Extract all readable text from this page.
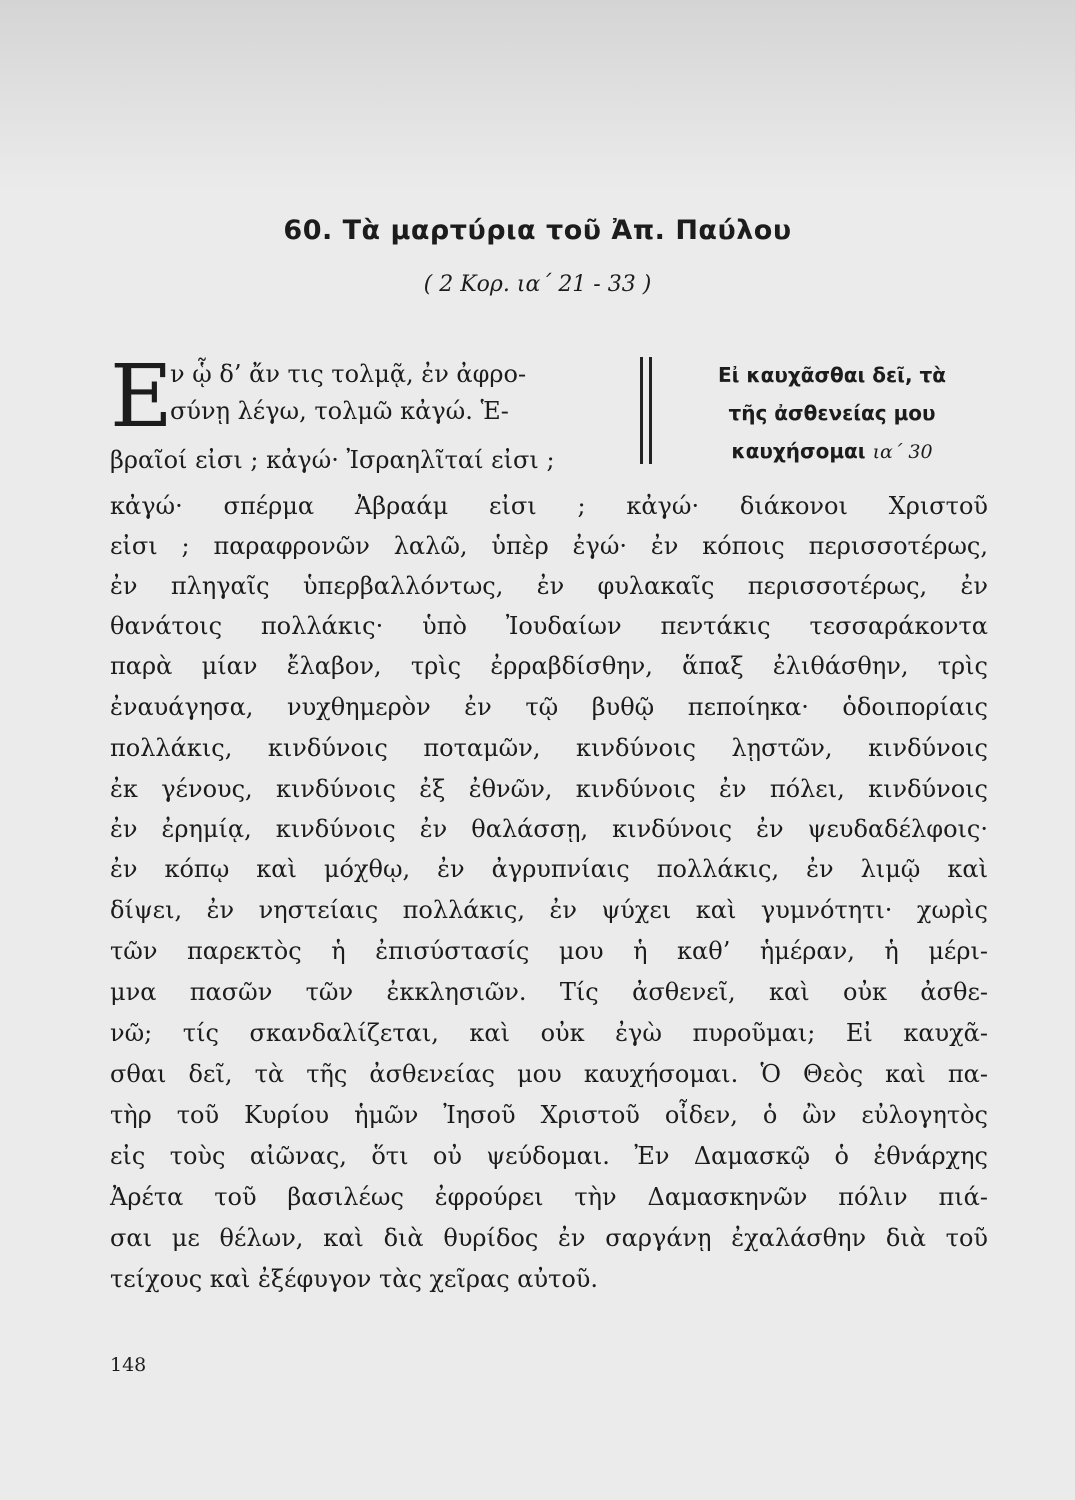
60. Τὰ μαρτύρια τοῦ Ἀπ. Παύλου
( 2 Κορ. ια΄ 21 - 33 )
Ε
ν ᾧ δ’ ἄν τις τολμᾷ, ἐν ἀφρο-
σύνῃ λέγω, τολμῶ κἀγώ. Ἑ-
βραῖοί εἰσι ; κἀγώ· Ἰσραηλῖταί εἰσι ;
Εἰ καυχᾶσθαι δεῖ, τὰ
τῆς ἀσθενείας μου
καυχήσομαι ια΄ 30
κἀγώ· σπέρμα Ἀβραάμ εἰσι ; κἀγώ· διάκονοι Χριστοῦ
εἰσι ; παραφρονῶν λαλῶ, ὑπὲρ ἐγώ· ἐν κόποις περισσοτέρως,
ἐν πληγαῖς ὑπερβαλλόντως, ἐν φυλακαῖς περισσοτέρως, ἐν
θανάτοις πολλάκις· ὑπὸ Ἰουδαίων πεντάκις τεσσαράκοντα
παρὰ μίαν ἔλαβον, τρὶς ἐρραβδίσθην, ἅπαξ ἐλιθάσθην, τρὶς
ἐναυάγησα, νυχθημερὸν ἐν τῷ βυθῷ πεποίηκα· ὁδοιπορίαις
πολλάκις, κινδύνοις ποταμῶν, κινδύνοις λῃστῶν, κινδύνοις
ἐκ γένους, κινδύνοις ἐξ ἐθνῶν, κινδύνοις ἐν πόλει, κινδύνοις
ἐν ἐρημίᾳ, κινδύνοις ἐν θαλάσσῃ, κινδύνοις ἐν ψευδαδέλφοις·
ἐν κόπῳ καὶ μόχθῳ, ἐν ἀγρυπνίαις πολλάκις, ἐν λιμῷ καὶ
δίψει, ἐν νηστείαις πολλάκις, ἐν ψύχει καὶ γυμνότητι· χωρὶς
τῶν παρεκτὸς ἡ ἐπισύστασίς μου ἡ καθ’ ἡμέραν, ἡ μέρι-
μνα πασῶν τῶν ἐκκλησιῶν. Τίς ἀσθενεῖ, καὶ οὐκ ἀσθε-
νῶ; τίς σκανδαλίζεται, καὶ οὐκ ἐγὼ πυροῦμαι; Εἰ καυχᾶ-
σθαι δεῖ, τὰ τῆς ἀσθενείας μου καυχήσομαι. Ὁ Θεὸς καὶ πα-
τὴρ τοῦ Κυρίου ἡμῶν Ἰησοῦ Χριστοῦ οἶδεν, ὁ ὢν εὐλογητὸς
εἰς τοὺς αἰῶνας, ὅτι οὐ ψεύδομαι. Ἐν Δαμασκῷ ὁ ἐθνάρχης
Ἀρέτα τοῦ βασιλέως ἐφρούρει τὴν Δαμασκηνῶν πόλιν πιά-
σαι με θέλων, καὶ διὰ θυρίδος ἐν σαργάνῃ ἐχαλάσθην διὰ τοῦ
τείχους καὶ ἐξέφυγον τὰς χεῖρας αὐτοῦ.
148
